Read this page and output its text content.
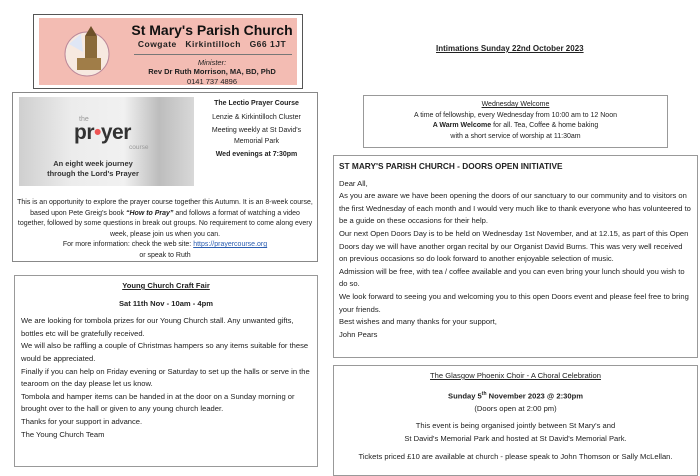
St Mary's Parish Church
Cowgate   Kirkintilloch   G66 1JT
Minister:
Rev Dr Ruth Morrison, MA, BD, PhD
0141 737 4896
the
pr•yer
course
An eight week journey
through the Lord's Prayer
The Lectio Prayer Course
Lenzie & Kirkintilloch Cluster
Meeting weekly at St David's Memorial Park
Wed evenings at 7:30pm
This is an opportunity to explore the prayer course together this Autumn. It is an 8-week course, based upon Pete Greig's book “How to Pray” and follows a format of watching a video together, followed by some questions in break out groups. No requirement to come along every week, please join us when you can.
For more information: check the web site: https://prayercourse.org
or speak to Ruth
Intimations Sunday 22nd October 2023
Wednesday Welcome
A time of fellowship, every Wednesday from 10:00 am to 12 Noon
A Warm Welcome for all. Tea, Coffee & home baking
with a short service of worship at 11:30am
ST MARY'S PARISH CHURCH - DOORS OPEN INITIATIVE
Dear All,
As you are aware we have been opening the doors of our sanctuary to our community and to visitors on the first Wednesday of each month and I would very much like to thank everyone who has volunteered to be a guide on these occasions for their help.
Our next Open Doors Day is to be held on Wednesday 1st November, and at 12.15, as part of this Open Doors day we will have another organ recital by our Organist David Burns. This was very well received on previous occasions so do look forward to another enjoyable selection of music.
Admission will be free, with tea / coffee available and you can even bring your lunch should you wish to do so.
We look forward to seeing you and welcoming you to this open Doors event and please feel free to bring your friends.
Best wishes and many thanks for your support,
John Pears
The Glasgow Phoenix Choir - A Choral Celebration
Sunday 5th November 2023 @ 2:30pm
(Doors open at 2:00 pm)
This event is being organised jointly between St Mary's and
St David's Memorial Park and hosted at St David's Memorial Park.
Tickets priced £10 are available at church - please speak to John Thomson or Sally McLellan.
Young Church Craft Fair
Sat 11th Nov - 10am - 4pm
We are looking for tombola prizes for our Young Church stall. Any unwanted gifts, bottles etc will be gratefully received.
We will also be raffling a couple of Christmas hampers so any items suitable for these would be appreciated.
Finally if you can help on Friday evening or Saturday to set up the halls or serve in the tearoom on the day please let us know.
Tombola and hamper items can be handed in at the door on a Sunday morning or brought over to the hall or given to any young church leader.
Thanks for your support in advance.
The Young Church Team
